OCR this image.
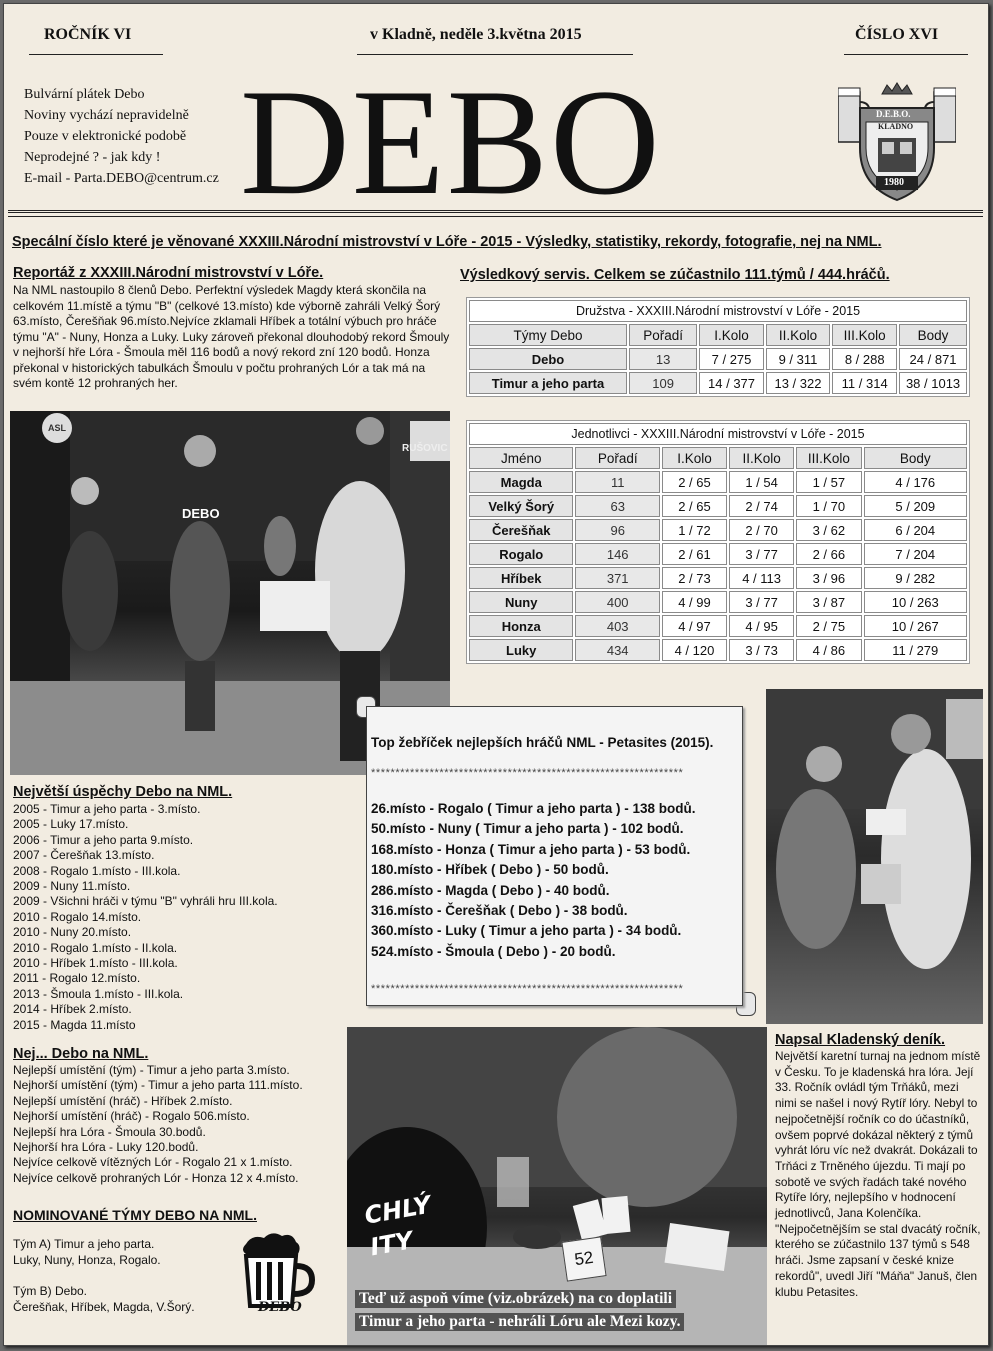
ROČNÍK VI	v Kladně, neděle 3.května 2015	ČÍSLO XVI
Bulvární plátek Debo
Noviny vychází nepravidelně
Pouze v elektronické podobě
Neprodejné ? - jak kdy !
E-mail - Parta.DEBO@centrum.cz DEBO	D.E.B.O.
KLADNO
1980
Specální číslo které je věnované XXXIII.Národní mistrovství v Lóře - 2015 - Výsledky, statistiky, rekordy, fotografie, nej na NML.
Reportáž z XXXIII.Národní mistrovství v Lóře.
Na NML nastoupilo 8 členů Debo. Perfektní výsledek Magdy která skončila na celkovém 11.místě a týmu "B" (celkové 13.místo) kde výborně zahráli Velký Šorý 63.místo, Čerešňak 96.místo.Nejvíce zklamali Hříbek a totální výbuch pro hráče týmu "A" - Nuny, Honza a Luky. Luky zároveň překonal dlouhodobý rekord Šmouly v nejhorší hře Lóra - Šmoula měl 116 bodů a nový rekord zní 120 bodů. Honza překonal v historických tabulkách Šmoulu v počtu prohraných Lór a tak má na svém kontě 12 prohraných her.
ASL
RUŠOVIC
DEBO
Výsledkový servis. Celkem se zúčastnilo 111.týmů / 444.hráčů.
Družstva - XXXIII.Národní mistrovství v Lóře - 2015					
Týmy Debo	Pořadí	I.Kolo	II.Kolo	III.Kolo	Body
Debo	13	7 / 275	9 / 311	8 / 288	24 / 871
Timur a jeho parta	109	14 / 377	13 / 322	11 / 314	38 / 1013
Jednotlivci - XXXIII.Národní mistrovství v Lóře - 2015					
Jméno	Pořadí	I.Kolo	II.Kolo	III.Kolo	Body
Magda	11	2 / 65	1 / 54	1 / 57	4 / 176
Velký Šorý	63	2 / 65	2 / 74	1 / 70	5 / 209
Čerešňak	96	1 / 72	2 / 70	3 / 62	6 / 204
Rogalo	146	2 / 61	3 / 77	2 / 66	7 / 204
Hříbek	371	2 / 73	4 / 113	3 / 96	9 / 282
Nuny	400	4 / 99	3 / 77	3 / 87	10 / 263
Honza	403	4 / 97	4 / 95	2 / 75	10 / 267
Luky	434	4 / 120	3 / 73	4 / 86	11 / 279
Největší úspěchy Debo na NML.
2005 - Timur a jeho parta - 3.místo.
2005 - Luky 17.místo.
2006 - Timur a jeho parta 9.místo.
2007 - Čerešňak 13.místo.
2008 - Rogalo 1.místo - III.kola.
2009 - Nuny 11.místo.
2009 - Všichni hráči v týmu "B" vyhráli hru III.kola.
2010 - Rogalo 14.místo.
2010 - Nuny 20.místo.
2010 - Rogalo 1.místo - II.kola.
2010 - Hříbek 1.místo - III.kola.
2011 - Rogalo 12.místo.
2013 - Šmoula 1.místo - III.kola.
2014 - Hříbek 2.místo.
2015 - Magda 11.místo
Nej... Debo na NML.
Nejlepší umístění (tým) - Timur a jeho parta 3.místo.
Nejhorší umístění (tým) - Timur a jeho parta 111.místo.
Nejlepší umístění (hráč) - Hříbek 2.místo.
Nejhorší umístění (hráč) - Rogalo 506.místo.
Nejlepší hra Lóra - Šmoula 30.bodů.
Nejhorší hra Lóra - Luky 120.bodů.
Nejvíce celkově vítězných Lór - Rogalo 21 x 1.místo.
Nejvíce celkově prohraných Lór - Honza 12 x 4.místo.
NOMINOVANÉ TÝMY DEBO NA NML.
Tým A) Timur a jeho parta.
Luky, Nuny, Honza, Rogalo.
Tým B) Debo.
Čerešňak, Hříbek, Magda, V.Šorý.	DEBO
Top žebříček nejlepších hráčů NML - Petasites (2015).
****************************************************************
26.místo - Rogalo ( Timur a jeho parta ) - 138 bodů.
50.místo - Nuny ( Timur a jeho parta ) - 102 bodů.
168.místo - Honza ( Timur a jeho parta ) - 53 bodů.
180.místo - Hříbek ( Debo ) - 50 bodů.
286.místo - Magda ( Debo ) - 40 bodů.
316.místo - Čerešňak ( Debo ) - 38 bodů.
360.místo - Luky ( Timur a jeho parta ) - 34 bodů.
524.místo - Šmoula ( Debo ) - 20 bodů.
****************************************************************
CHLÝ ITY	52
Teď už aspoň víme (viz.obrázek) na co doplatili
Timur a jeho parta - nehráli Lóru ale Mezi kozy.
Napsal Kladenský deník.
Největší karetní turnaj na jednom místě v Česku. To je kladenská hra lóra. Její 33. Ročník ovládl tým Trňáků, mezi nimi se našel i nový Rytíř lóry. Nebyl to nejpočetnější ročník co do účastníků, ovšem poprvé dokázal některý z týmů vyhrát lóru víc než dvakrát. Dokázali to Trňáci z Trněného újezdu. Ti mají po sobotě ve svých řadách také nového Rytíře lóry, nejlepšího v hodnocení jednotlivců, Jana Kolenčíka. "Nejpočetnějším se stal dvacátý ročník, kterého se zúčastnilo 137 týmů s 548 hráči. Jsme zapsaní v české knize rekordů", uvedl Jiří "Máňa" Januš, člen klubu Petasites.
